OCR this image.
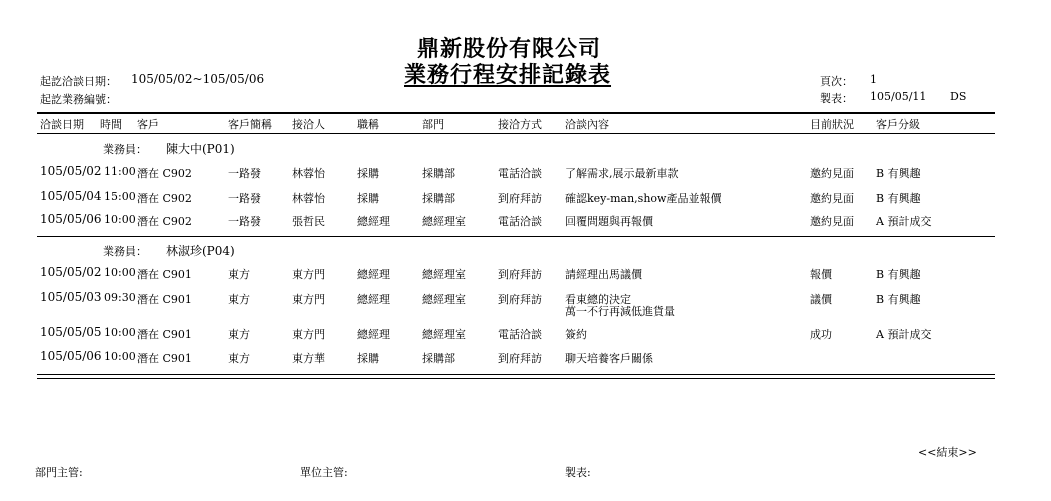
鼎新股份有限公司
業務行程安排記錄表
起訖洽談日期： 105/05/02~105/05/06
起訖業務編號：
頁次： 1
製表： 105/05/11 DS
洽談日期 時間 客戶	客戶簡稱 接洽人	職稱	部門	接洽方式 洽談內容	目前狀況 客戶分級
業務員： 陳大中(P01)
105/05/02 11:00 潛在 C902	一路發	林蓉怡	採購	採購部	電話洽談 了解需求,展示最新車款	邀約見面 B 有興趣
105/05/04 15:00 潛在 C902	一路發	林蓉怡	採購	採購部	到府拜訪 確認key-man,show產品並報價	邀約見面 B 有興趣
105/05/06 10:00 潛在 C902	一路發	張哲民	總經理	總經理室	電話洽談 回覆問題與再報價	邀約見面 A 預計成交
業務員： 林淑珍(P04)
105/05/02 10:00 潛在 C901	東方	東方門	總經理	總經理室	到府拜訪 請經理出馬議價	報價	B 有興趣
105/05/03 09:30 潛在 C901	東方	東方門	總經理	總經理室	到府拜訪 看東總的決定
萬一不行再減低進貨量
議價	B 有興趣
105/05/05 10:00 潛在 C901	東方	東方門	總經理	總經理室	電話洽談 簽約	成功	A 預計成交
105/05/06 10:00 潛在 C901	東方	東方華	採購	採購部	到府拜訪 聊天培養客戶關係
<<結束>>
部門主管:	單位主管:	製表:
